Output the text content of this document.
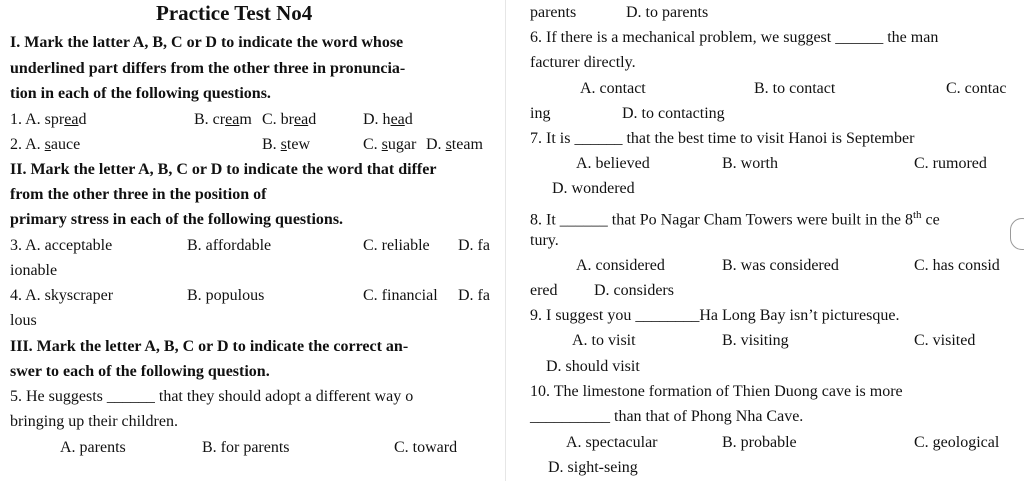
Practice Test No4
I. Mark the latter A, B, C or D to indicate the word whose
underlined part differs from the other three in pronuncia-
tion in each of the following questions.
1. A. spread	B. cream C. bread	D. head
2. A. sauce	B. stew	C. sugar D. steam
II. Mark the letter A, B, C or D to indicate the word that differ
from the other three in the position of
primary stress in each of the following questions.
3. A. acceptable	B. affordable	C. reliable D. fa
ionable
4. A. skyscraper	B. populous	C. financial D. fa
lous
III. Mark the letter A, B, C or D to indicate the correct an-
swer to each of the following question.
5. He suggests ______ that they should adopt a different way o
bringing up their children.
A. parents	B. for parents	C. toward
parents	D. to parents
6. If there is a mechanical problem, we suggest ______ the man
facturer directly.
A. contact	B. to contact	C. contac
ing	D. to contacting
7. It is ______ that the best time to visit Hanoi is September
A. believed	B. worth	C. rumored
D. wondered
8. It ______ that Po Nagar Cham Towers were built in the 8th ce
tury.
A. considered	B. was considered	C. has consid
ered D. considers
9. I suggest you ________Ha Long Bay isn’t picturesque.
A. to visit	B. visiting	C. visited
D. should visit
10. The limestone formation of Thien Duong cave is more
__________ than that of Phong Nha Cave.
A. spectacular	B. probable	C. geological
D. sight-seing
